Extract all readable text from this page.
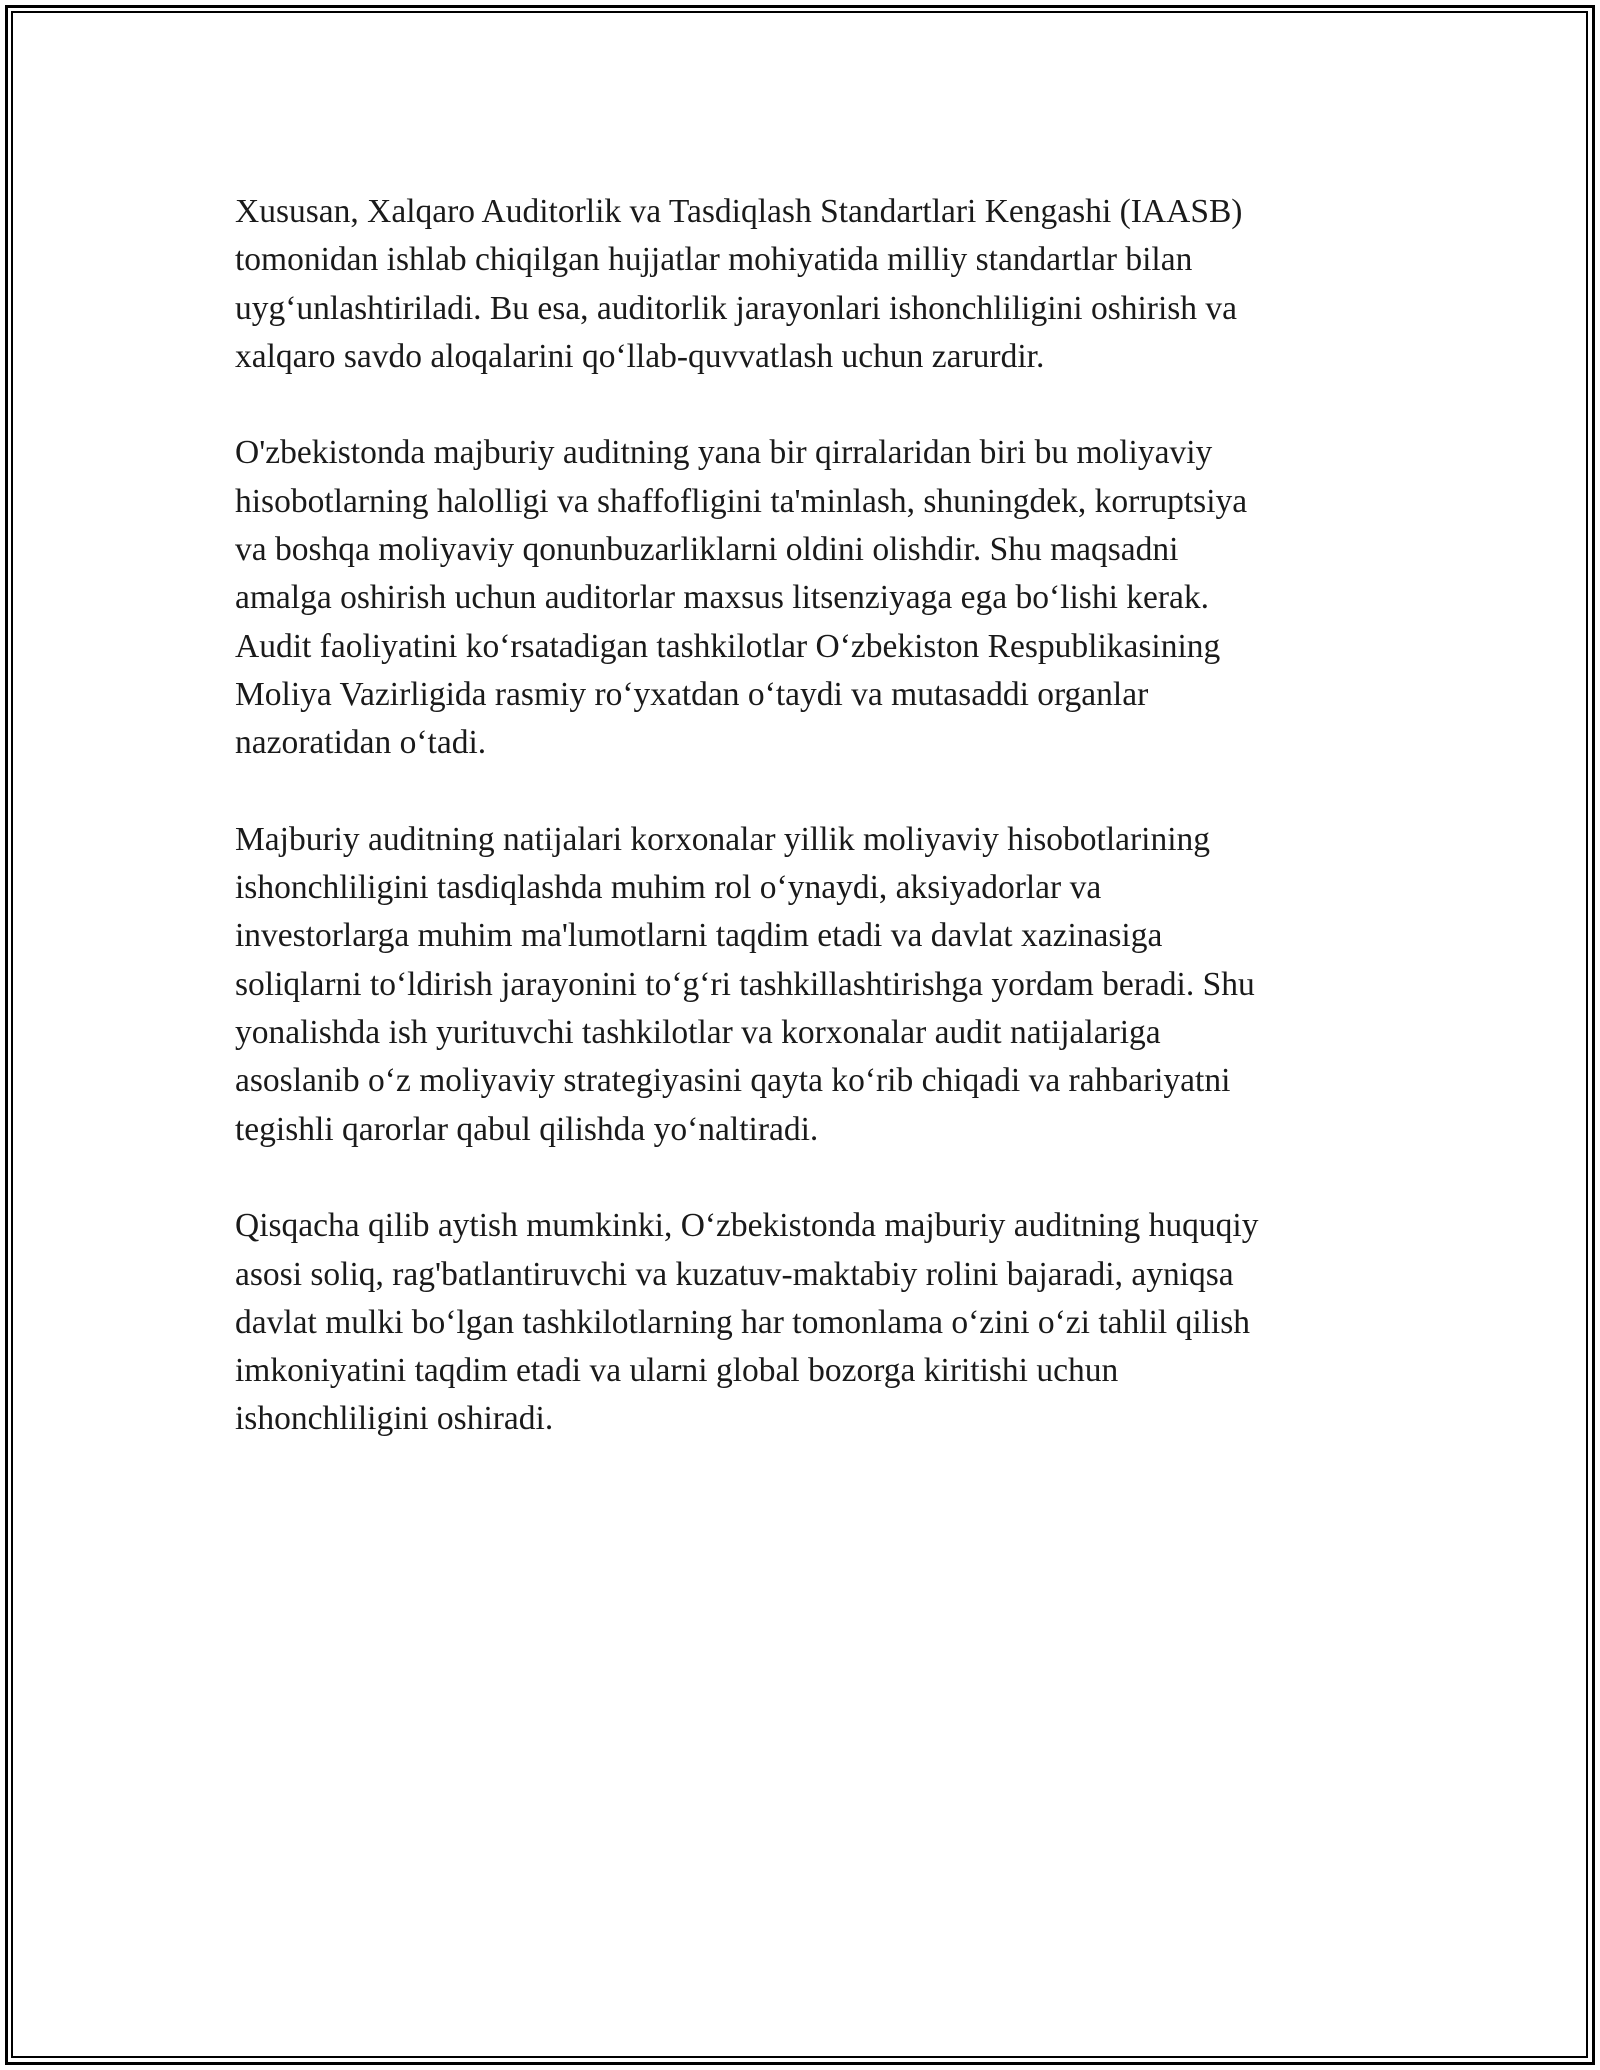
Xususan, Xalqaro Auditorlik va Tasdiqlash Standartlari Kengashi (IAASB)
tomonidan ishlab chiqilgan hujjatlar mohiyatida milliy standartlar bilan
uygʻunlashtiriladi. Bu esa, auditorlik jarayonlari ishonchliligini oshirish va
xalqaro savdo aloqalarini qoʻllab-quvvatlash uchun zarurdir.

O'zbekistonda majburiy auditning yana bir qirralaridan biri bu moliyaviy
hisobotlarning halolligi va shaffofligini ta'minlash, shuningdek, korruptsiya
va boshqa moliyaviy qonunbuzarliklarni oldini olishdir. Shu maqsadni
amalga oshirish uchun auditorlar maxsus litsenziyaga ega boʻlishi kerak.
Audit faoliyatini koʻrsatadigan tashkilotlar Oʻzbekiston Respublikasining
Moliya Vazirligida rasmiy roʻyxatdan oʻtaydi va mutasaddi organlar
nazoratidan oʻtadi.

Majburiy auditning natijalari korxonalar yillik moliyaviy hisobotlarining
ishonchliligini tasdiqlashda muhim rol oʻynaydi, aksiyadorlar va
investorlarga muhim ma'lumotlarni taqdim etadi va davlat xazinasiga
soliqlarni toʻldirish jarayonini toʻgʻri tashkillashtirishga yordam beradi. Shu
yonalishda ish yurituvchi tashkilotlar va korxonalar audit natijalariga
asoslanib oʻz moliyaviy strategiyasini qayta koʻrib chiqadi va rahbariyatni
tegishli qarorlar qabul qilishda yoʻnaltiradi.

Qisqacha qilib aytish mumkinki, Oʻzbekistonda majburiy auditning huquqiy
asosi soliq, rag'batlantiruvchi va kuzatuv-maktabiy rolini bajaradi, ayniqsa
davlat mulki boʻlgan tashkilotlarning har tomonlama oʻzini oʻzi tahlil qilish
imkoniyatini taqdim etadi va ularni global bozorga kiritishi uchun
ishonchliligini oshiradi.
